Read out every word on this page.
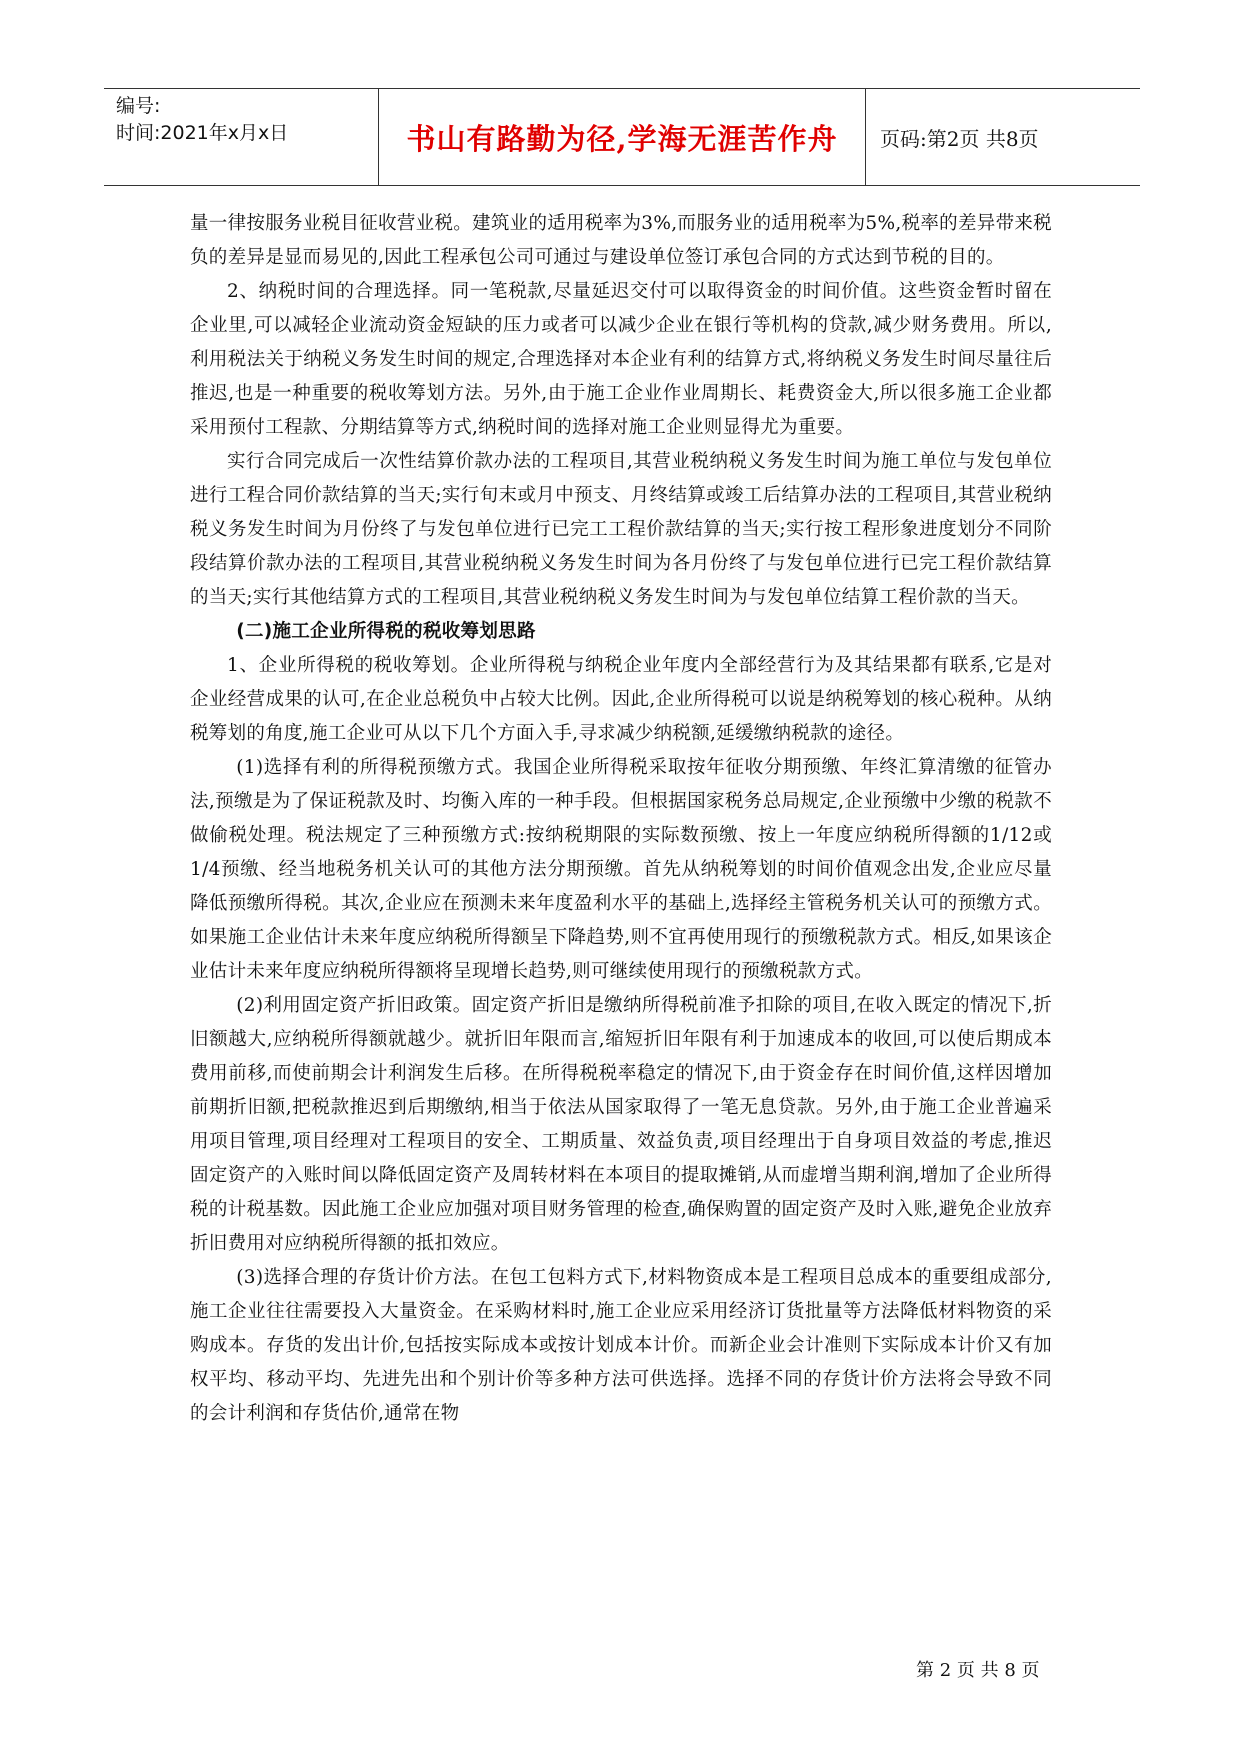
编号:
时间:2021年x月x日	书山有路勤为径,学海无涯苦作舟	页码:第2页 共8页

量一律按服务业税目征收营业税。建筑业的适用税率为3%,而服务业的适用税率为5%,税率的差异带来税负的差异是显而易见的,因此工程承包公司可通过与建设单位签订承包合同的方式达到节税的目的。

2、纳税时间的合理选择。同一笔税款,尽量延迟交付可以取得资金的时间价值。这些资金暂时留在企业里,可以减轻企业流动资金短缺的压力或者可以减少企业在银行等机构的贷款,减少财务费用。所以,利用税法关于纳税义务发生时间的规定,合理选择对本企业有利的结算方式,将纳税义务发生时间尽量往后推迟,也是一种重要的税收筹划方法。另外,由于施工企业作业周期长、耗费资金大,所以很多施工企业都采用预付工程款、分期结算等方式,纳税时间的选择对施工企业则显得尤为重要。

实行合同完成后一次性结算价款办法的工程项目,其营业税纳税义务发生时间为施工单位与发包单位进行工程合同价款结算的当天;实行旬末或月中预支、月终结算或竣工后结算办法的工程项目,其营业税纳税义务发生时间为月份终了与发包单位进行已完工工程价款结算的当天;实行按工程形象进度划分不同阶段结算价款办法的工程项目,其营业税纳税义务发生时间为各月份终了与发包单位进行已完工程价款结算的当天;实行其他结算方式的工程项目,其营业税纳税义务发生时间为与发包单位结算工程价款的当天。

(二)施工企业所得税的税收筹划思路

1、企业所得税的税收筹划。企业所得税与纳税企业年度内全部经营行为及其结果都有联系,它是对企业经营成果的认可,在企业总税负中占较大比例。因此,企业所得税可以说是纳税筹划的核心税种。从纳税筹划的角度,施工企业可从以下几个方面入手,寻求减少纳税额,延缓缴纳税款的途径。

(1)选择有利的所得税预缴方式。我国企业所得税采取按年征收分期预缴、年终汇算清缴的征管办法,预缴是为了保证税款及时、均衡入库的一种手段。但根据国家税务总局规定,企业预缴中少缴的税款不做偷税处理。税法规定了三种预缴方式:按纳税期限的实际数预缴、按上一年度应纳税所得额的1/12或1/4预缴、经当地税务机关认可的其他方法分期预缴。首先从纳税筹划的时间价值观念出发,企业应尽量降低预缴所得税。其次,企业应在预测未来年度盈利水平的基础上,选择经主管税务机关认可的预缴方式。如果施工企业估计未来年度应纳税所得额呈下降趋势,则不宜再使用现行的预缴税款方式。相反,如果该企业估计未来年度应纳税所得额将呈现增长趋势,则可继续使用现行的预缴税款方式。

(2)利用固定资产折旧政策。固定资产折旧是缴纳所得税前准予扣除的项目,在收入既定的情况下,折旧额越大,应纳税所得额就越少。就折旧年限而言,缩短折旧年限有利于加速成本的收回,可以使后期成本费用前移,而使前期会计利润发生后移。在所得税税率稳定的情况下,由于资金存在时间价值,这样因增加前期折旧额,把税款推迟到后期缴纳,相当于依法从国家取得了一笔无息贷款。另外,由于施工企业普遍采用项目管理,项目经理对工程项目的安全、工期质量、效益负责,项目经理出于自身项目效益的考虑,推迟固定资产的入账时间以降低固定资产及周转材料在本项目的提取摊销,从而虚增当期利润,增加了企业所得税的计税基数。因此施工企业应加强对项目财务管理的检查,确保购置的固定资产及时入账,避免企业放弃折旧费用对应纳税所得额的抵扣效应。

(3)选择合理的存货计价方法。在包工包料方式下,材料物资成本是工程项目总成本的重要组成部分,施工企业往往需要投入大量资金。在采购材料时,施工企业应采用经济订货批量等方法降低材料物资的采购成本。存货的发出计价,包括按实际成本或按计划成本计价。而新企业会计准则下实际成本计价又有加权平均、移动平均、先进先出和个别计价等多种方法可供选择。选择不同的存货计价方法将会导致不同的会计利润和存货估价,通常在物

第 2 页 共 8 页
